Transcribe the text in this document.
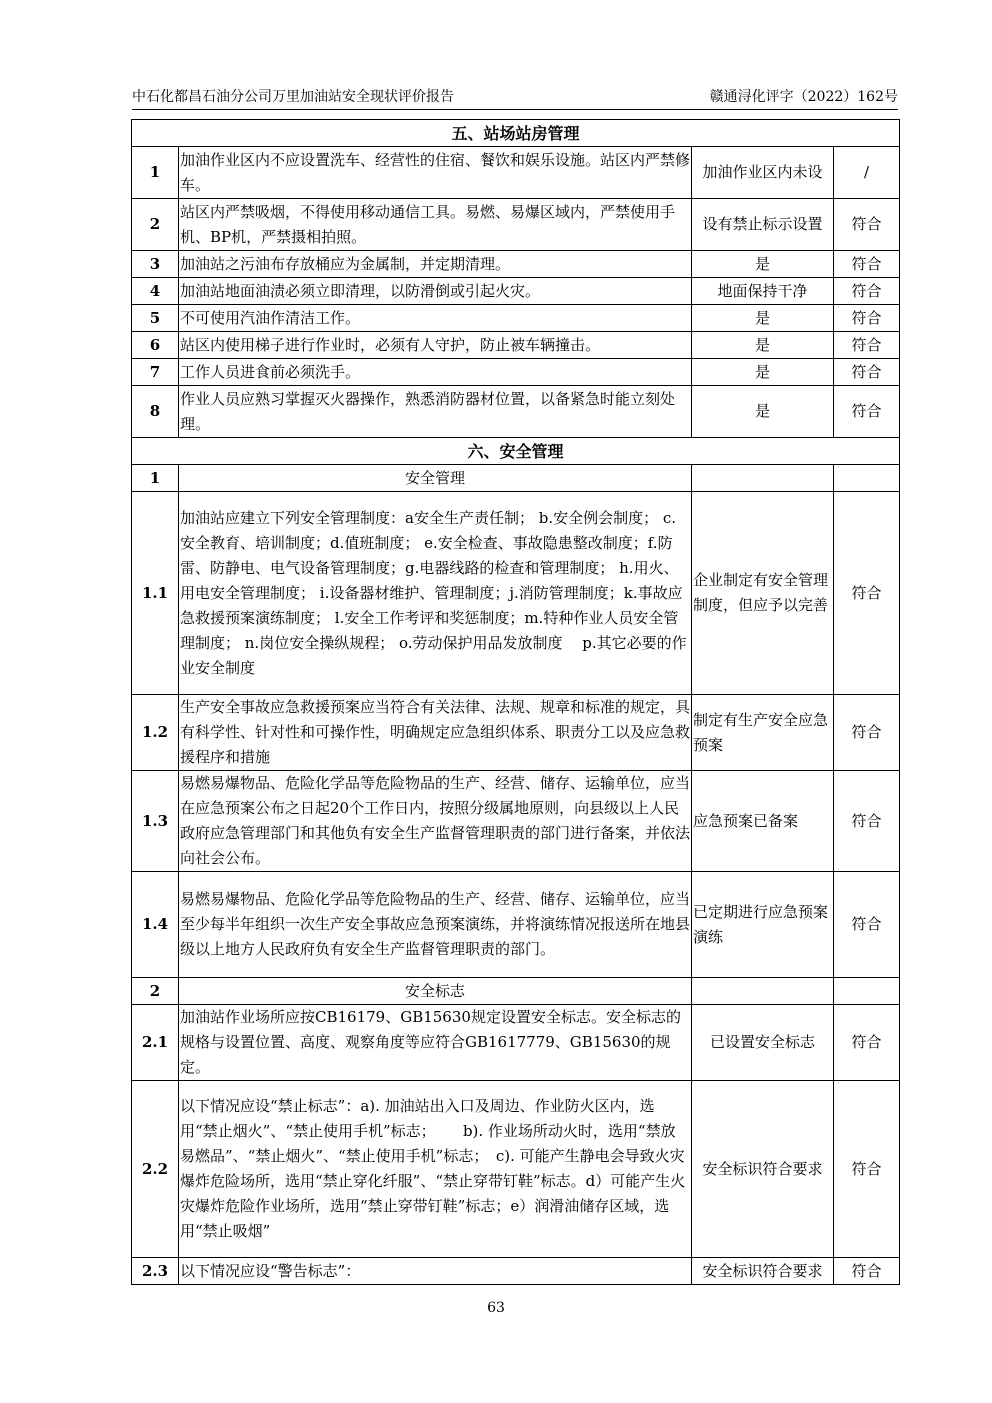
中石化都昌石油分公司万里加油站安全现状评价报告	赣通浔化评字（2022）162号
五、站场站房管理			
1	加油作业区内不应设置洗车、经营性的住宿、餐饮和娱乐设施。站区内严禁修车。	加油作业区内未设	/
2	站区内严禁吸烟，不得使用移动通信工具。易燃、易爆区域内，严禁使用手机、BP机，严禁摄相拍照。	设有禁止标示设置	符合
3	加油站之污油布存放桶应为金属制，并定期清理。	是	符合
4	加油站地面油渍必须立即清理，以防滑倒或引起火灾。	地面保持干净	符合
5	不可使用汽油作清洁工作。	是	符合
6	站区内使用梯子进行作业时，必须有人守护，防止被车辆撞击。	是	符合
7	工作人员进食前必须洗手。	是	符合
8	作业人员应熟习掌握灭火器操作，熟悉消防器材位置，以备紧急时能立刻处理。	是	符合
六、安全管理			
1	安全管理		
1.1	加油站应建立下列安全管理制度：a安全生产责任制； b.安全例会制度； c.安全教育、培训制度；d.值班制度； e.安全检查、事故隐患整改制度；f.防雷、防静电、电气设备管理制度；g.电器线路的检查和管理制度； h.用火、用电安全管理制度； i.设备器材维护、管理制度；j.消防管理制度；k.事故应急救援预案演练制度； l.安全工作考评和奖惩制度；m.特种作业人员安全管理制度； n.岗位安全操纵规程； o.劳动保护用品发放制度　 p.其它必要的作业安全制度	企业制定有安全管理制度，但应予以完善	符合
1.2	生产安全事故应急救援预案应当符合有关法律、法规、规章和标准的规定，具有科学性、针对性和可操作性，明确规定应急组织体系、职责分工以及应急救援程序和措施	制定有生产安全应急预案	符合
1.3	易燃易爆物品、危险化学品等危险物品的生产、经营、储存、运输单位，应当在应急预案公布之日起20个工作日内，按照分级属地原则，向县级以上人民政府应急管理部门和其他负有安全生产监督管理职责的部门进行备案，并依法向社会公布。	应急预案已备案	符合
1.4	易燃易爆物品、危险化学品等危险物品的生产、经营、储存、运输单位，应当至少每半年组织一次生产安全事故应急预案演练，并将演练情况报送所在地县级以上地方人民政府负有安全生产监督管理职责的部门。	已定期进行应急预案演练	符合
2	安全标志		
2.1	加油站作业场所应按CB16179、GB15630规定设置安全标志。安全标志的规格与设置位置、高度、观察角度等应符合GB1617779、GB15630的规定。	已设置安全标志	符合
2.2	以下情况应设“禁止标志”：a). 加油站出入口及周边、作业防火区内，选用“禁止烟火”、“禁止使用手机”标志；　　 b). 作业场所动火时，选用“禁放易燃品”、“禁止烟火”、“禁止使用手机”标志；　c). 可能产生静电会导致火灾爆炸危险场所，选用“禁止穿化纤服”、“禁止穿带钉鞋”标志。d）可能产生火灾爆炸危险作业场所，选用“禁止穿带钉鞋”标志；e）润滑油储存区域，选用“禁止吸烟”	安全标识符合要求	符合
2.3	以下情况应设“警告标志”：	安全标识符合要求	符合
63
